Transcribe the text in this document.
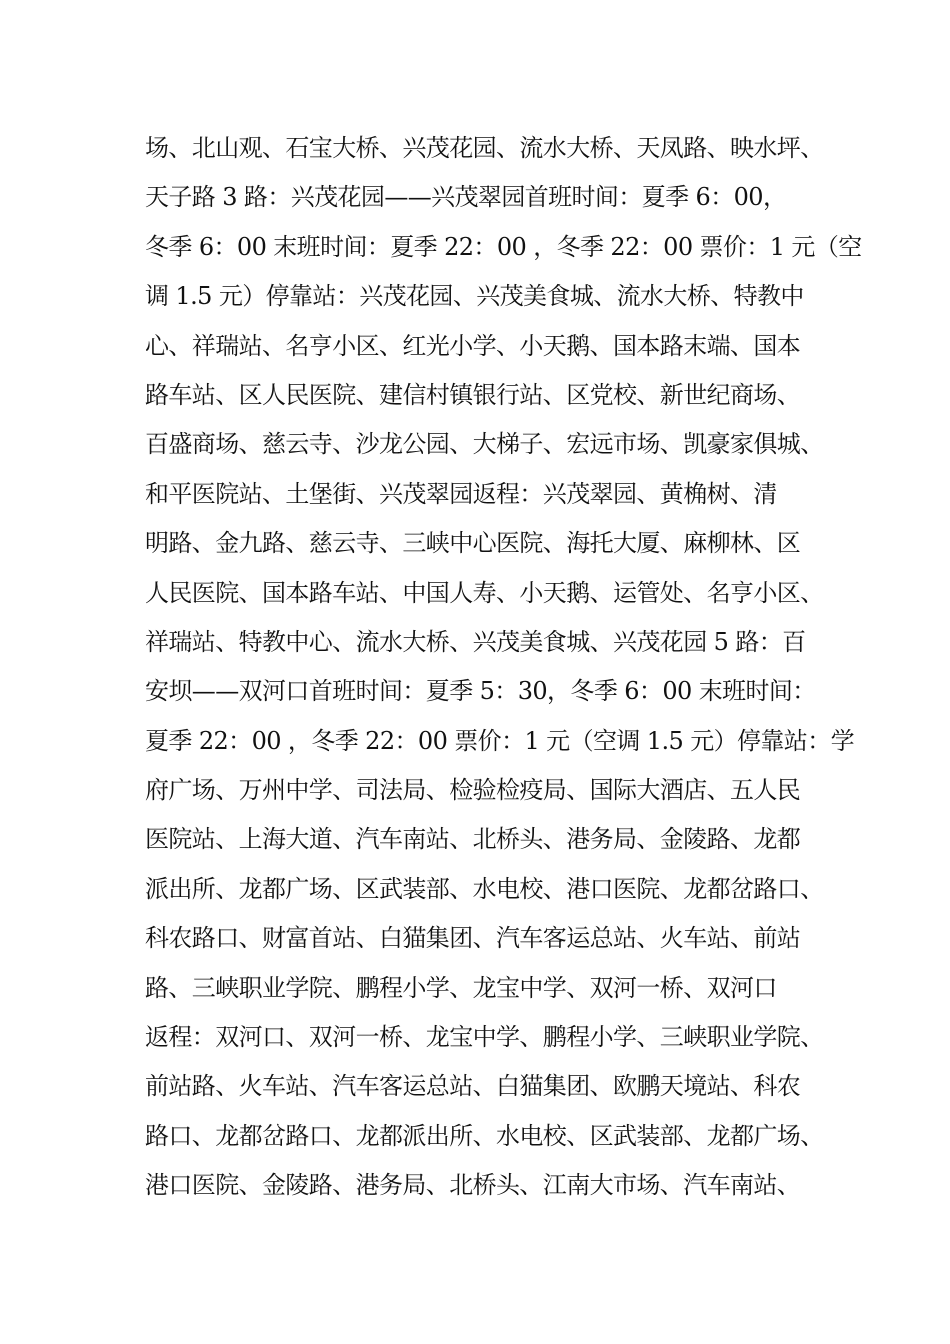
场、北山观、石宝大桥、兴茂花园、流水大桥、天凤路、映水坪、
天子路 3 路：兴茂花园——兴茂翠园首班时间：夏季 6：00，
冬季 6：00 末班时间：夏季 22：00 ，冬季 22：00 票价：1 元（空
调 1.5 元）停靠站：兴茂花园、兴茂美食城、流水大桥、特教中
心、祥瑞站、名亨小区、红光小学、小天鹅、国本路末端、国本
路车站、区人民医院、建信村镇银行站、区党校、新世纪商场、
百盛商场、慈云寺、沙龙公园、大梯子、宏远市场、凯豪家俱城、
和平医院站、土堡街、兴茂翠园返程：兴茂翠园、黄桷树、清
明路、金九路、慈云寺、三峡中心医院、海托大厦、麻柳林、区
人民医院、国本路车站、中国人寿、小天鹅、运管处、名亨小区、
祥瑞站、特教中心、流水大桥、兴茂美食城、兴茂花园 5 路：百
安坝——双河口首班时间：夏季 5：30，冬季 6：00 末班时间：
夏季 22：00 ，冬季 22：00 票价：1 元（空调 1.5 元）停靠站：学
府广场、万州中学、司法局、检验检疫局、国际大酒店、五人民
医院站、上海大道、汽车南站、北桥头、港务局、金陵路、龙都
派出所、龙都广场、区武装部、水电校、港口医院、龙都岔路口、
科农路口、财富首站、白猫集团、汽车客运总站、火车站、前站
路、三峡职业学院、鹏程小学、龙宝中学、双河一桥、双河口
返程：双河口、双河一桥、龙宝中学、鹏程小学、三峡职业学院、
前站路、火车站、汽车客运总站、白猫集团、欧鹏天境站、科农
路口、龙都岔路口、龙都派出所、水电校、区武装部、龙都广场、
港口医院、金陵路、港务局、北桥头、江南大市场、汽车南站、
